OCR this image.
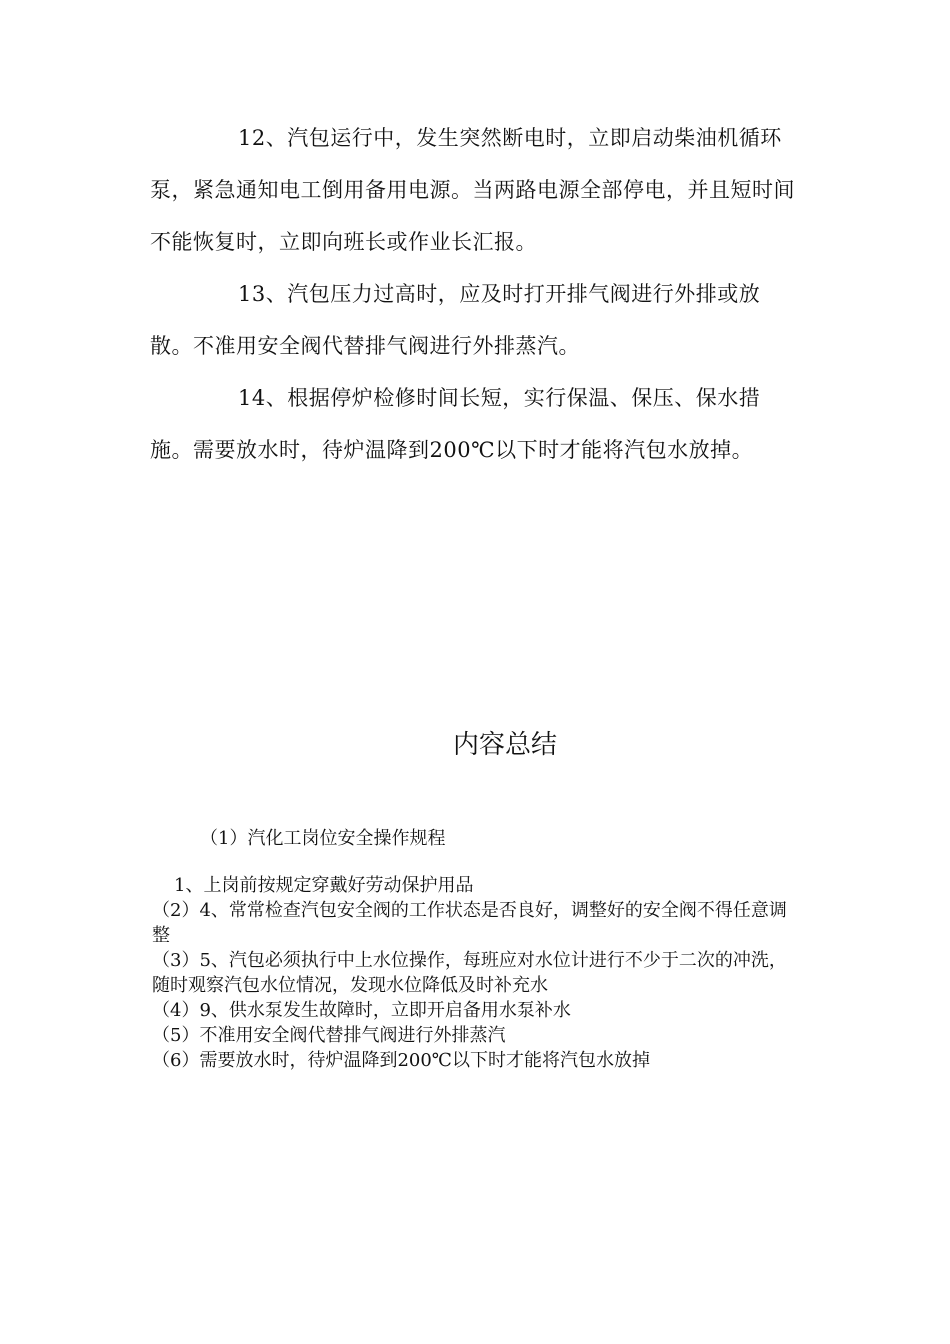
12、汽包运行中，发生突然断电时，立即启动柴油机循环泵，紧急通知电工倒用备用电源。当两路电源全部停电，并且短时间不能恢复时，立即向班长或作业长汇报。

13、汽包压力过高时，应及时打开排气阀进行外排或放散。不准用安全阀代替排气阀进行外排蒸汽。

14、根据停炉检修时间长短，实行保温、保压、保水措施。需要放水时，待炉温降到200℃以下时才能将汽包水放掉。

内容总结

（1）汽化工岗位安全操作规程

1、上岗前按规定穿戴好劳动保护用品
（2）4、常常检查汽包安全阀的工作状态是否良好，调整好的安全阀不得任意调整
（3）5、汽包必须执行中上水位操作，每班应对水位计进行不少于二次的冲洗，随时观察汽包水位情况，发现水位降低及时补充水
（4）9、供水泵发生故障时，立即开启备用水泵补水
（5）不准用安全阀代替排气阀进行外排蒸汽
（6）需要放水时，待炉温降到200℃以下时才能将汽包水放掉
